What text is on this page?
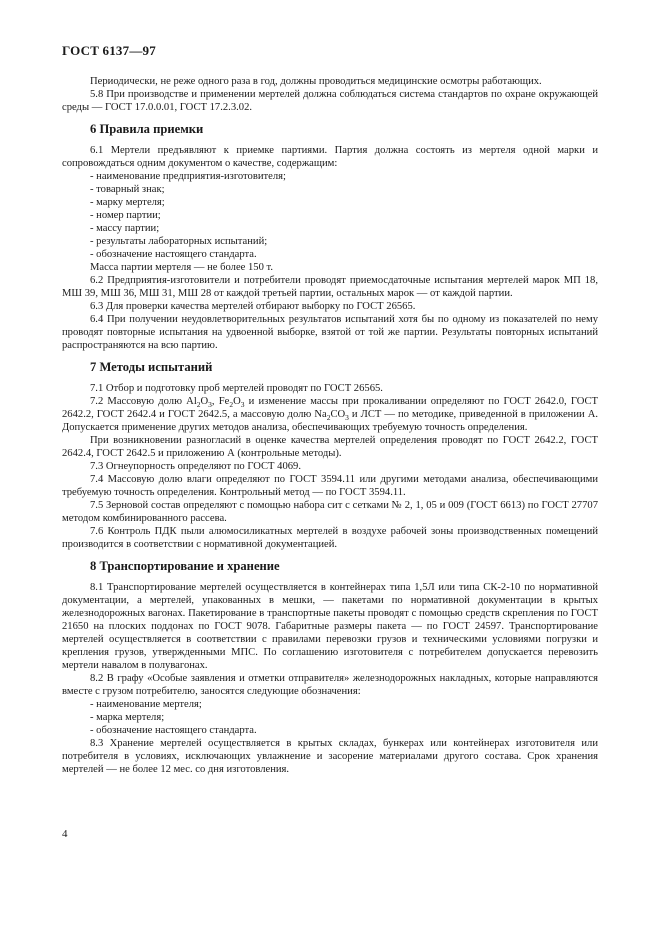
ГОСТ 6137—97

Периодически, не реже одного раза в год, должны проводиться медицинские осмотры работающих.

5.8 При производстве и применении мертелей должна соблюдаться система стандартов по охране окружающей среды — ГОСТ 17.0.0.01, ГОСТ 17.2.3.02.

6 Правила приемки

6.1 Мертели предъявляют к приемке партиями. Партия должна состоять из мертеля одной марки и сопровождаться одним документом о качестве, содержащим:

- наименование предприятия-изготовителя;

- товарный знак;

- марку мертеля;

- номер партии;

- массу партии;

- результаты лабораторных испытаний;

- обозначение настоящего стандарта.

Масса партии мертеля — не более 150 т.

6.2 Предприятия-изготовители и потребители проводят приемосдаточные испытания мертелей марок МП 18, МШ 39, МШ 36, МШ 31, МШ 28 от каждой третьей партии, остальных марок — от каждой партии.

6.3 Для проверки качества мертелей отбирают выборку по ГОСТ 26565.

6.4 При получении неудовлетворительных результатов испытаний хотя бы по одному из показателей по нему проводят повторные испытания на удвоенной выборке, взятой от той же партии. Результаты повторных испытаний распространяются на всю партию.

7 Методы испытаний

7.1 Отбор и подготовку проб мертелей проводят по ГОСТ 26565.

7.2 Массовую долю $Al_2O_3$, $Fe_2O_3$ и изменение массы при прокаливании определяют по ГОСТ 2642.0, ГОСТ 2642.2, ГОСТ 2642.4 и ГОСТ 2642.5, а массовую долю $Na_2CO_3$ и ЛСТ — по методике, приведенной в приложении А. Допускается применение других методов анализа, обеспечивающих требуемую точность определения.

При возникновении разногласий в оценке качества мертелей определения проводят по ГОСТ 2642.2, ГОСТ 2642.4, ГОСТ 2642.5 и приложению А (контрольные методы).

7.3 Огнеупорность определяют по ГОСТ 4069.

7.4 Массовую долю влаги определяют по ГОСТ 3594.11 или другими методами анализа, обеспечивающими требуемую точность определения. Контрольный метод — по ГОСТ 3594.11.

7.5 Зерновой состав определяют с помощью набора сит с сетками № 2, 1, 05 и 009 (ГОСТ 6613) по ГОСТ 27707 методом комбинированного рассева.

7.6 Контроль ПДК пыли алюмосиликатных мертелей в воздухе рабочей зоны производственных помещений производится в соответствии с нормативной документацией.

8 Транспортирование и хранение

8.1 Транспортирование мертелей осуществляется в контейнерах типа 1,5Л или типа СК-2-10 по нормативной документации, а мертелей, упакованных в мешки, — пакетами по нормативной документации в крытых железнодорожных вагонах. Пакетирование в транспортные пакеты проводят с помощью средств скрепления по ГОСТ 21650 на плоских поддонах по ГОСТ 9078. Габаритные размеры пакета — по ГОСТ 24597. Транспортирование мертелей осуществляется в соответствии с правилами перевозки грузов и техническими условиями погрузки и крепления грузов, утвержденными МПС. По соглашению изготовителя с потребителем допускается перевозить мертели навалом в полувагонах.

8.2 В графу «Особые заявления и отметки отправителя» железнодорожных накладных, которые направляются вместе с грузом потребителю, заносятся следующие обозначения:

- наименование мертеля;

- марка мертеля;

- обозначение настоящего стандарта.

8.3 Хранение мертелей осуществляется в крытых складах, бункерах или контейнерах изготовителя или потребителя в условиях, исключающих увлажнение и засорение материалами другого состава. Срок хранения мертелей — не более 12 мес. со дня изготовления.

4
